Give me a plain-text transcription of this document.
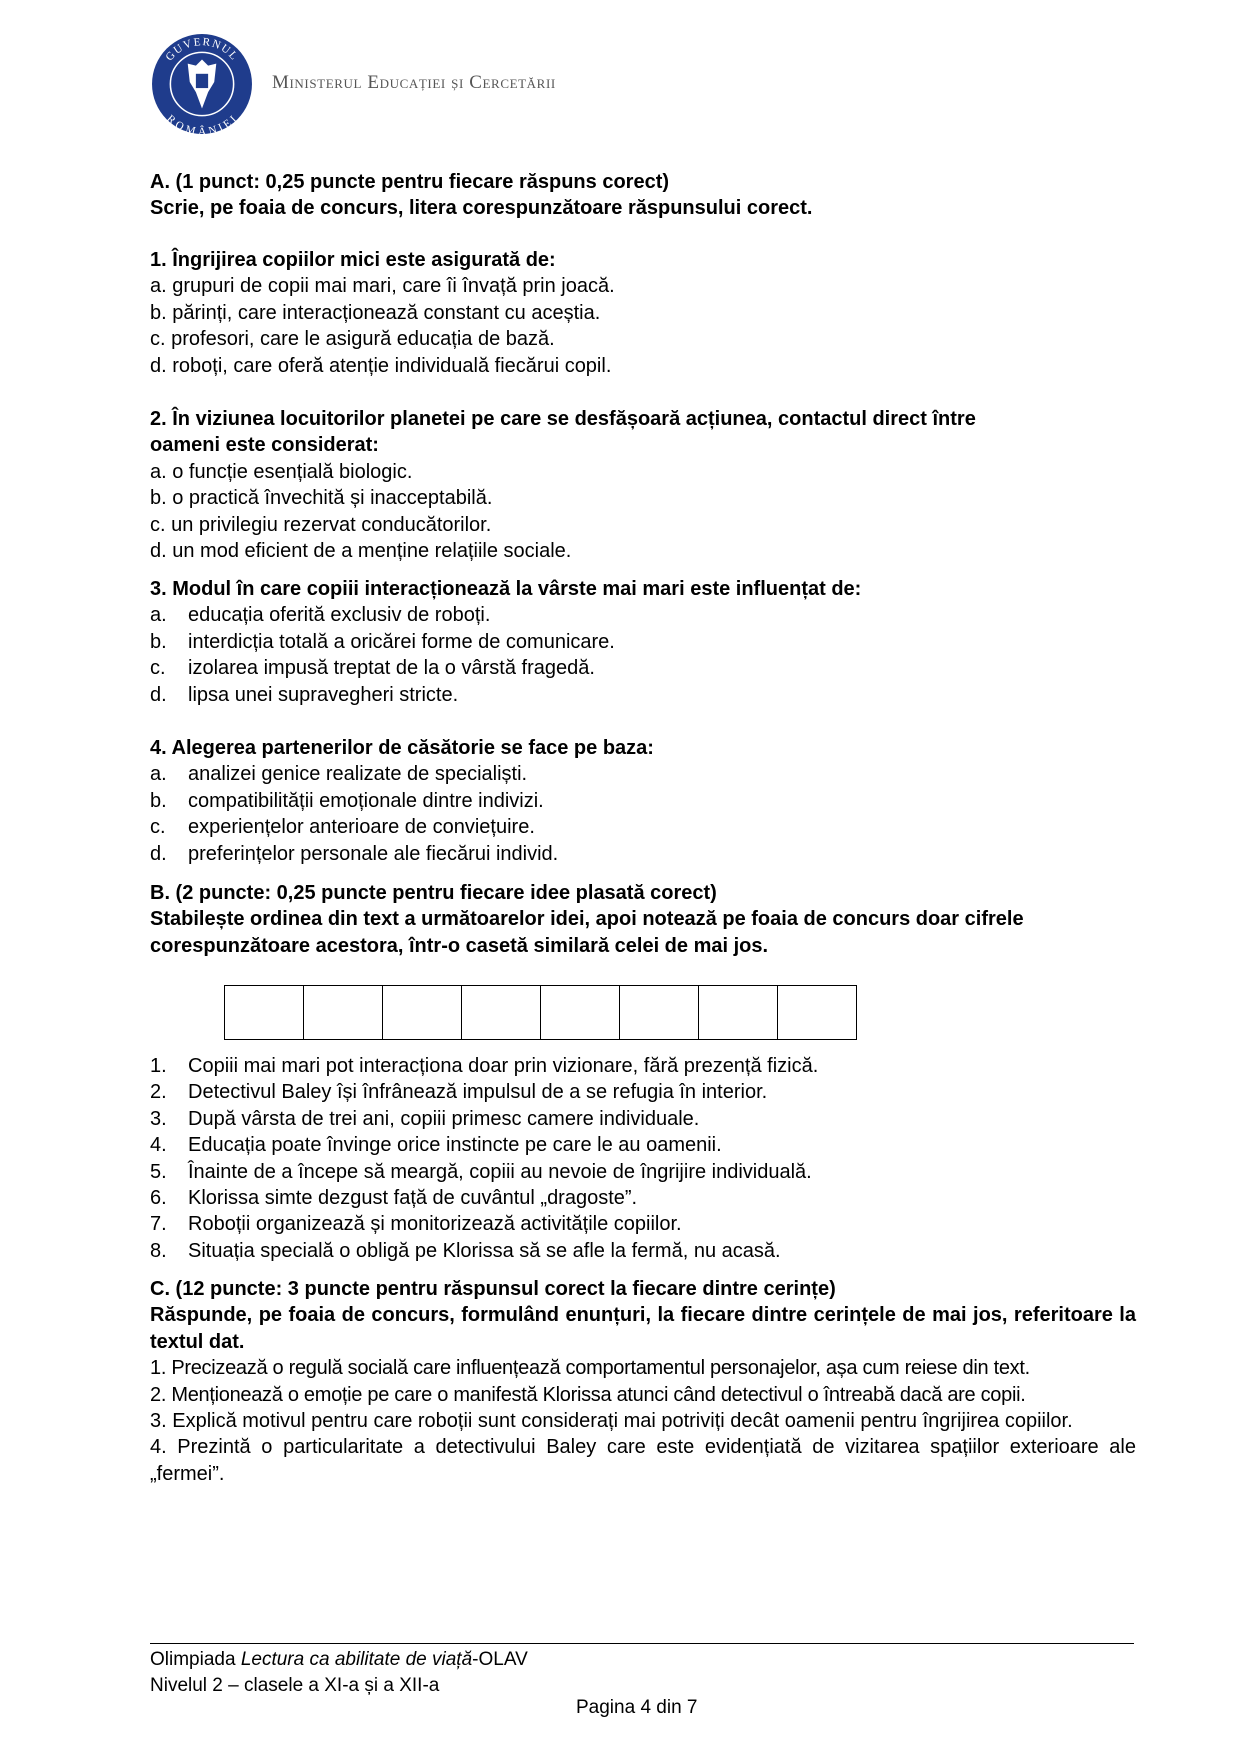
GUVERNUL
ROMÂNIEI
Ministerul Educației și Cercetării
A. (1 punct: 0,25 puncte pentru fiecare răspuns corect)
Scrie, pe foaia de concurs, litera corespunzătoare răspunsului corect.
1. Îngrijirea copiilor mici este asigurată de:
a. grupuri de copii mai mari, care îi învață prin joacă.
b. părinți, care interacționează constant cu aceștia.
c. profesori, care le asigură educația de bază.
d. roboți, care oferă atenție individuală fiecărui copil.
2. În viziunea locuitorilor planetei pe care se desfășoară acțiunea, contactul direct între
oameni este considerat:
a. o funcție esențială biologic.
b. o practică învechită și inacceptabilă.
c. un privilegiu rezervat conducătorilor.
d. un mod eficient de a menține relațiile sociale.
3. Modul în care copiii interacționează la vârste mai mari este influențat de:
a.	educația oferită exclusiv de roboți.
b.	interdicția totală a oricărei forme de comunicare.
c.	izolarea impusă treptat de la o vârstă fragedă.
d.	lipsa unei supravegheri stricte.
4. Alegerea partenerilor de căsătorie se face pe baza:
a.	analizei genice realizate de specialiști.
b.	compatibilității emoționale dintre indivizi.
c.	experiențelor anterioare de conviețuire.
d.	preferințelor personale ale fiecărui individ.
B. (2 puncte: 0,25 puncte pentru fiecare idee plasată corect)
Stabilește ordinea din text a următoarelor idei, apoi notează pe foaia de concurs doar cifrele
corespunzătoare acestora, într-o casetă similară celei de mai jos.
1.	Copiii mai mari pot interacționa doar prin vizionare, fără prezență fizică.
2.	Detectivul Baley își înfrânează impulsul de a se refugia în interior.
3.	După vârsta de trei ani, copiii primesc camere individuale.
4.	Educația poate învinge orice instincte pe care le au oamenii.
5.	Înainte de a începe să meargă, copiii au nevoie de îngrijire individuală.
6.	Klorissa simte dezgust față de cuvântul „dragoste”.
7.	Roboții organizează și monitorizează activitățile copiilor.
8.	Situația specială o obligă pe Klorissa să se afle la fermă, nu acasă.
C. (12 puncte: 3 puncte pentru răspunsul corect la fiecare dintre cerințe)
Răspunde, pe foaia de concurs, formulând enunțuri, la fiecare dintre cerințele de mai jos, referitoare la textul dat.
1. Precizează o regulă socială care influențează comportamentul personajelor, așa cum reiese din text.
2. Menționează o emoție pe care o manifestă Klorissa atunci când detectivul o întreabă dacă are copii.
3. Explică motivul pentru care roboții sunt considerați mai potriviți decât oamenii pentru îngrijirea copiilor.
4. Prezintă o particularitate a detectivului Baley care este evidențiată de vizitarea spațiilor exterioare ale „fermei”.
Olimpiada Lectura ca abilitate de viață-OLAV
Nivelul 2 – clasele a XI-a și a XII-a
Pagina 4 din 7
